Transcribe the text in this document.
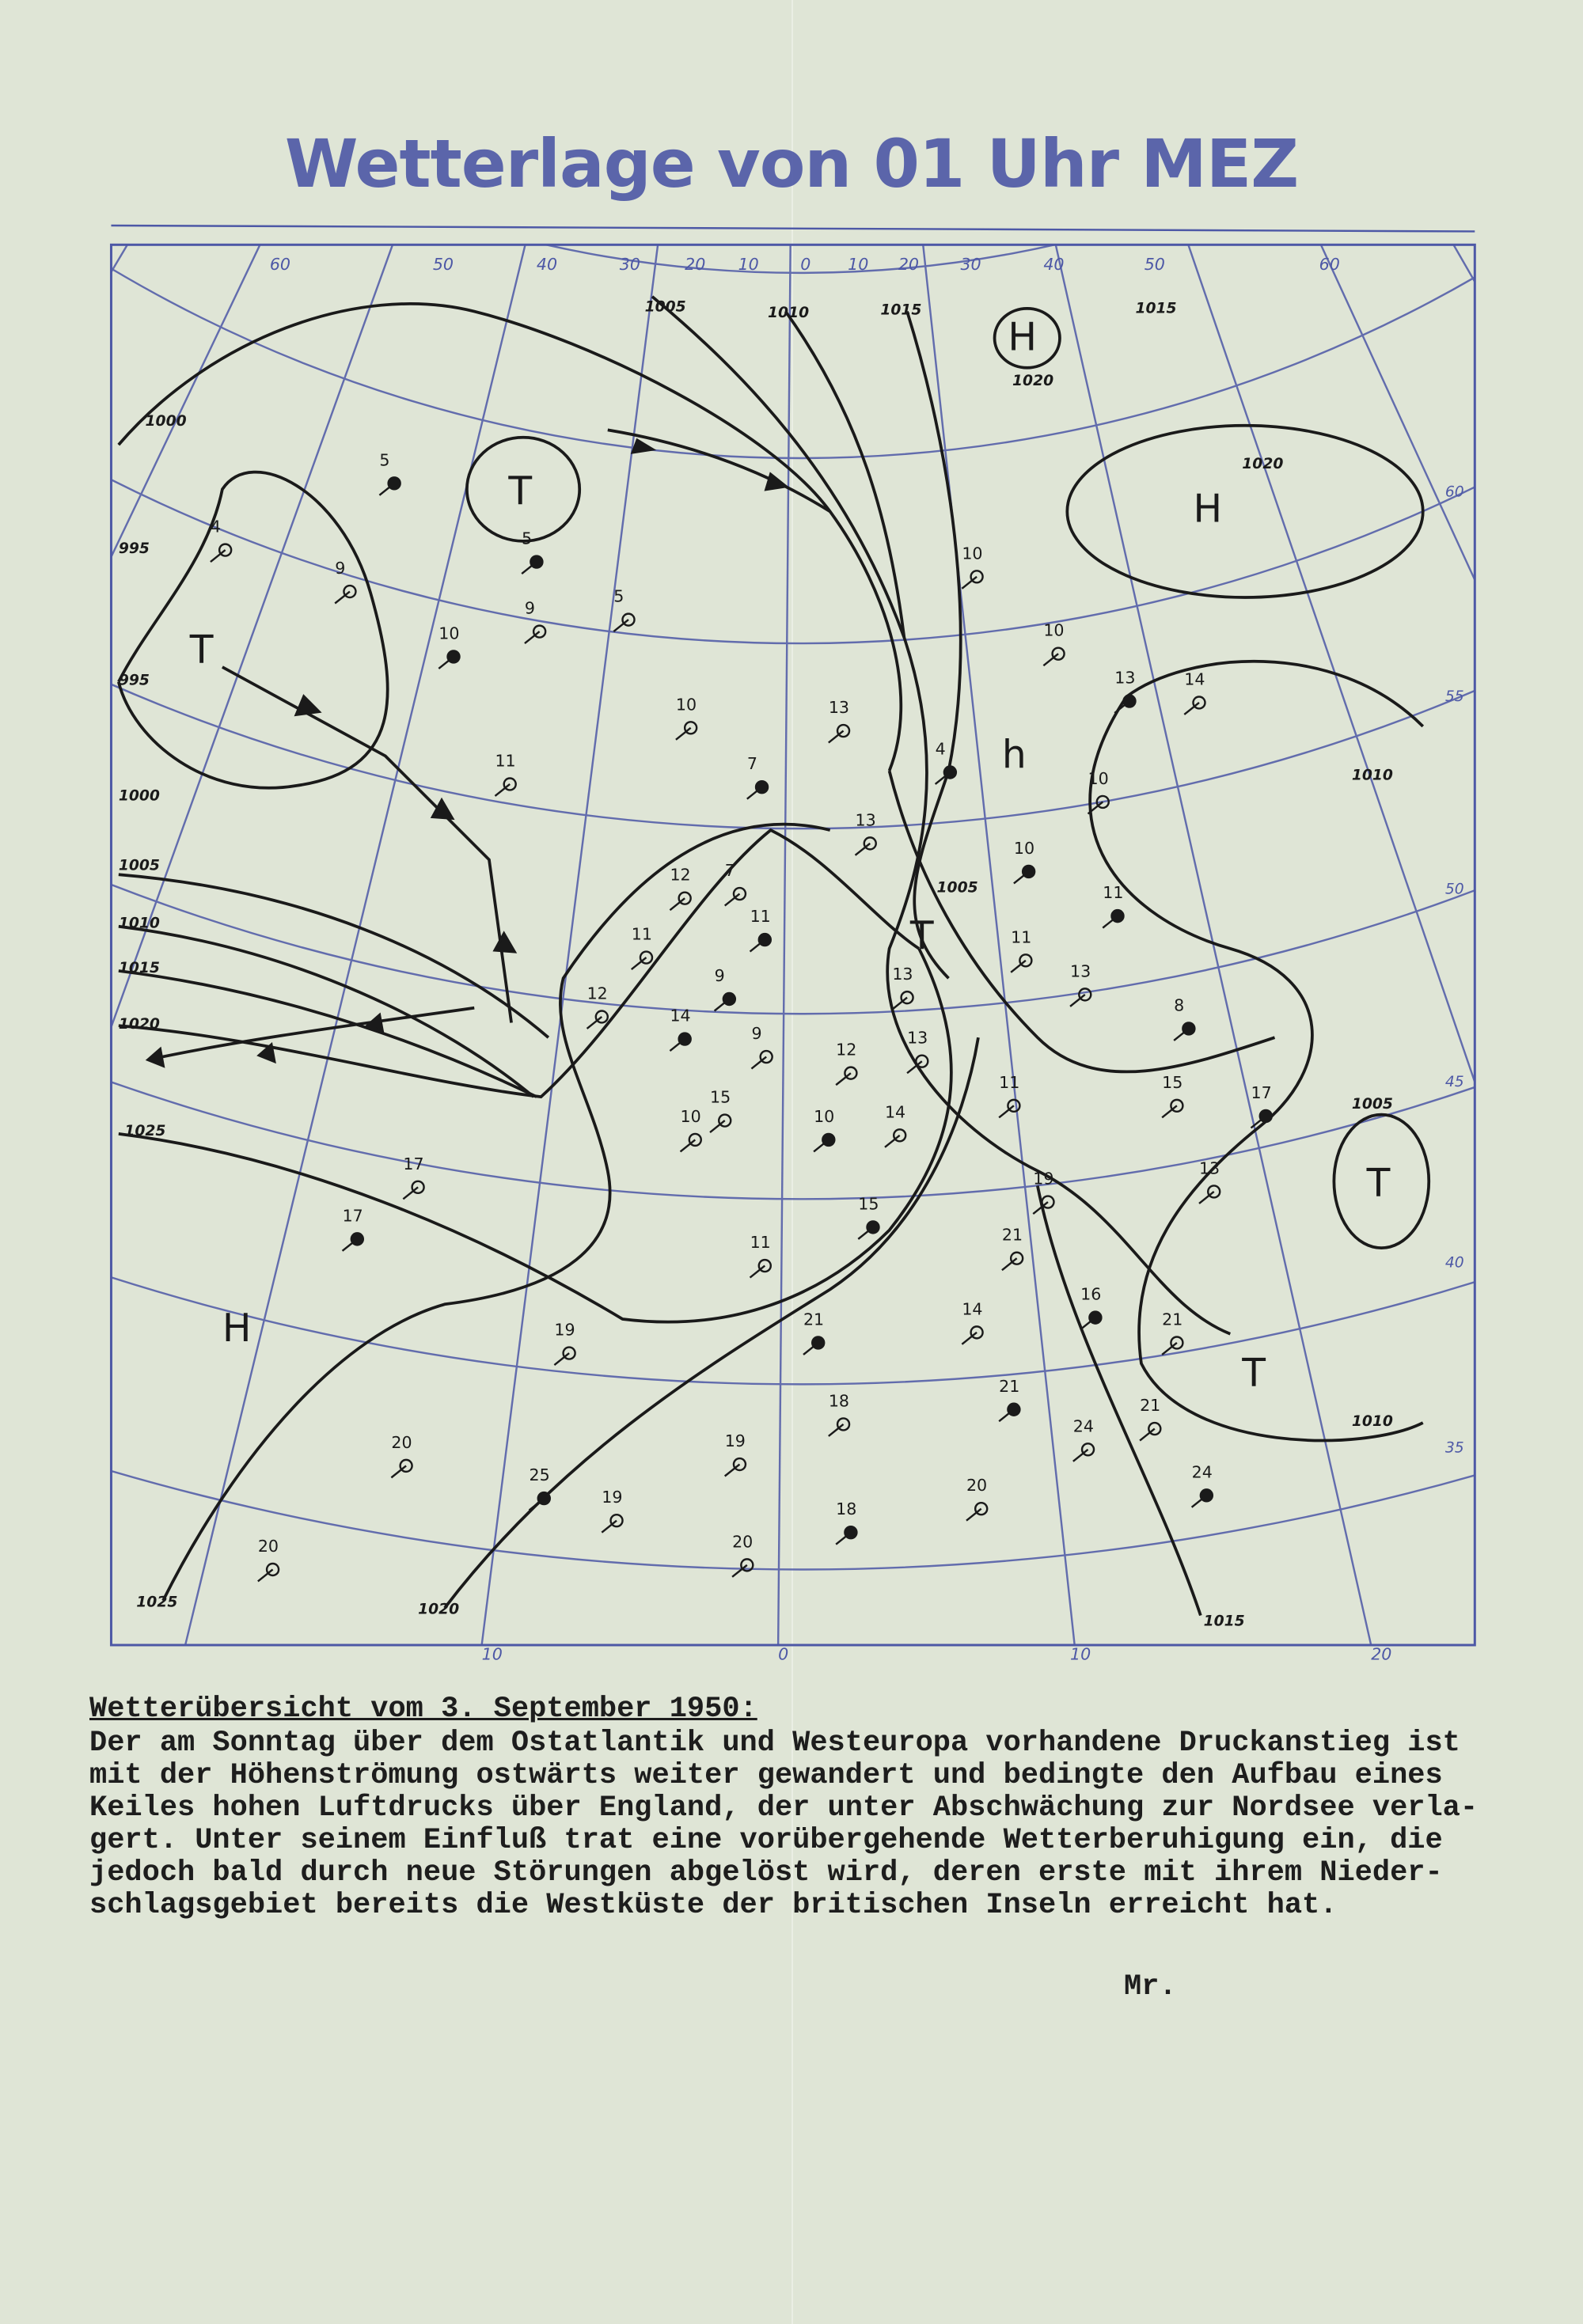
Wetterlage von 01 Uhr MEZ
60	50	40	30	20	10	0	10	20	30	40	50	60
10	0	10	20
60
55
50
45
40
35
1005	1010	1015	1015
1020
1000
995
995
1020
1000
1005
1010
1015
1020
1025
1010
1005
1005
1010
1015
1020
1025
H
T	H
T
T
T
T
H
h
5
4
9
5
9
5
10
10	13
7
11
13
4
10
10
13	14
10
10
12	7
11
11	11
11
13
12
9	13
13
14
9
12
8
11	15
17
15
10	10	14
17
17
13
19
15
11	21
21
19
14
16
21
18
21
21
24
24
19
20
25
19
20
18
20
20
Wetterübersicht vom 3. September 1950:

Der am Sonntag über dem Ostatlantik und Westeuropa vorhandene Druckanstieg ist
mit der Höhenströmung ostwärts weiter gewandert und bedingte den Aufbau eines
Keiles hohen Luftdrucks über England, der unter Abschwächung zur Nordsee verla-
gert. Unter seinem Einfluß trat eine vorübergehende Wetterberuhigung ein, die
jedoch bald durch neue Störungen abgelöst wird, deren erste mit ihrem Nieder-
schlagsgebiet bereits die Westküste der britischen Inseln erreicht hat.

Mr.
